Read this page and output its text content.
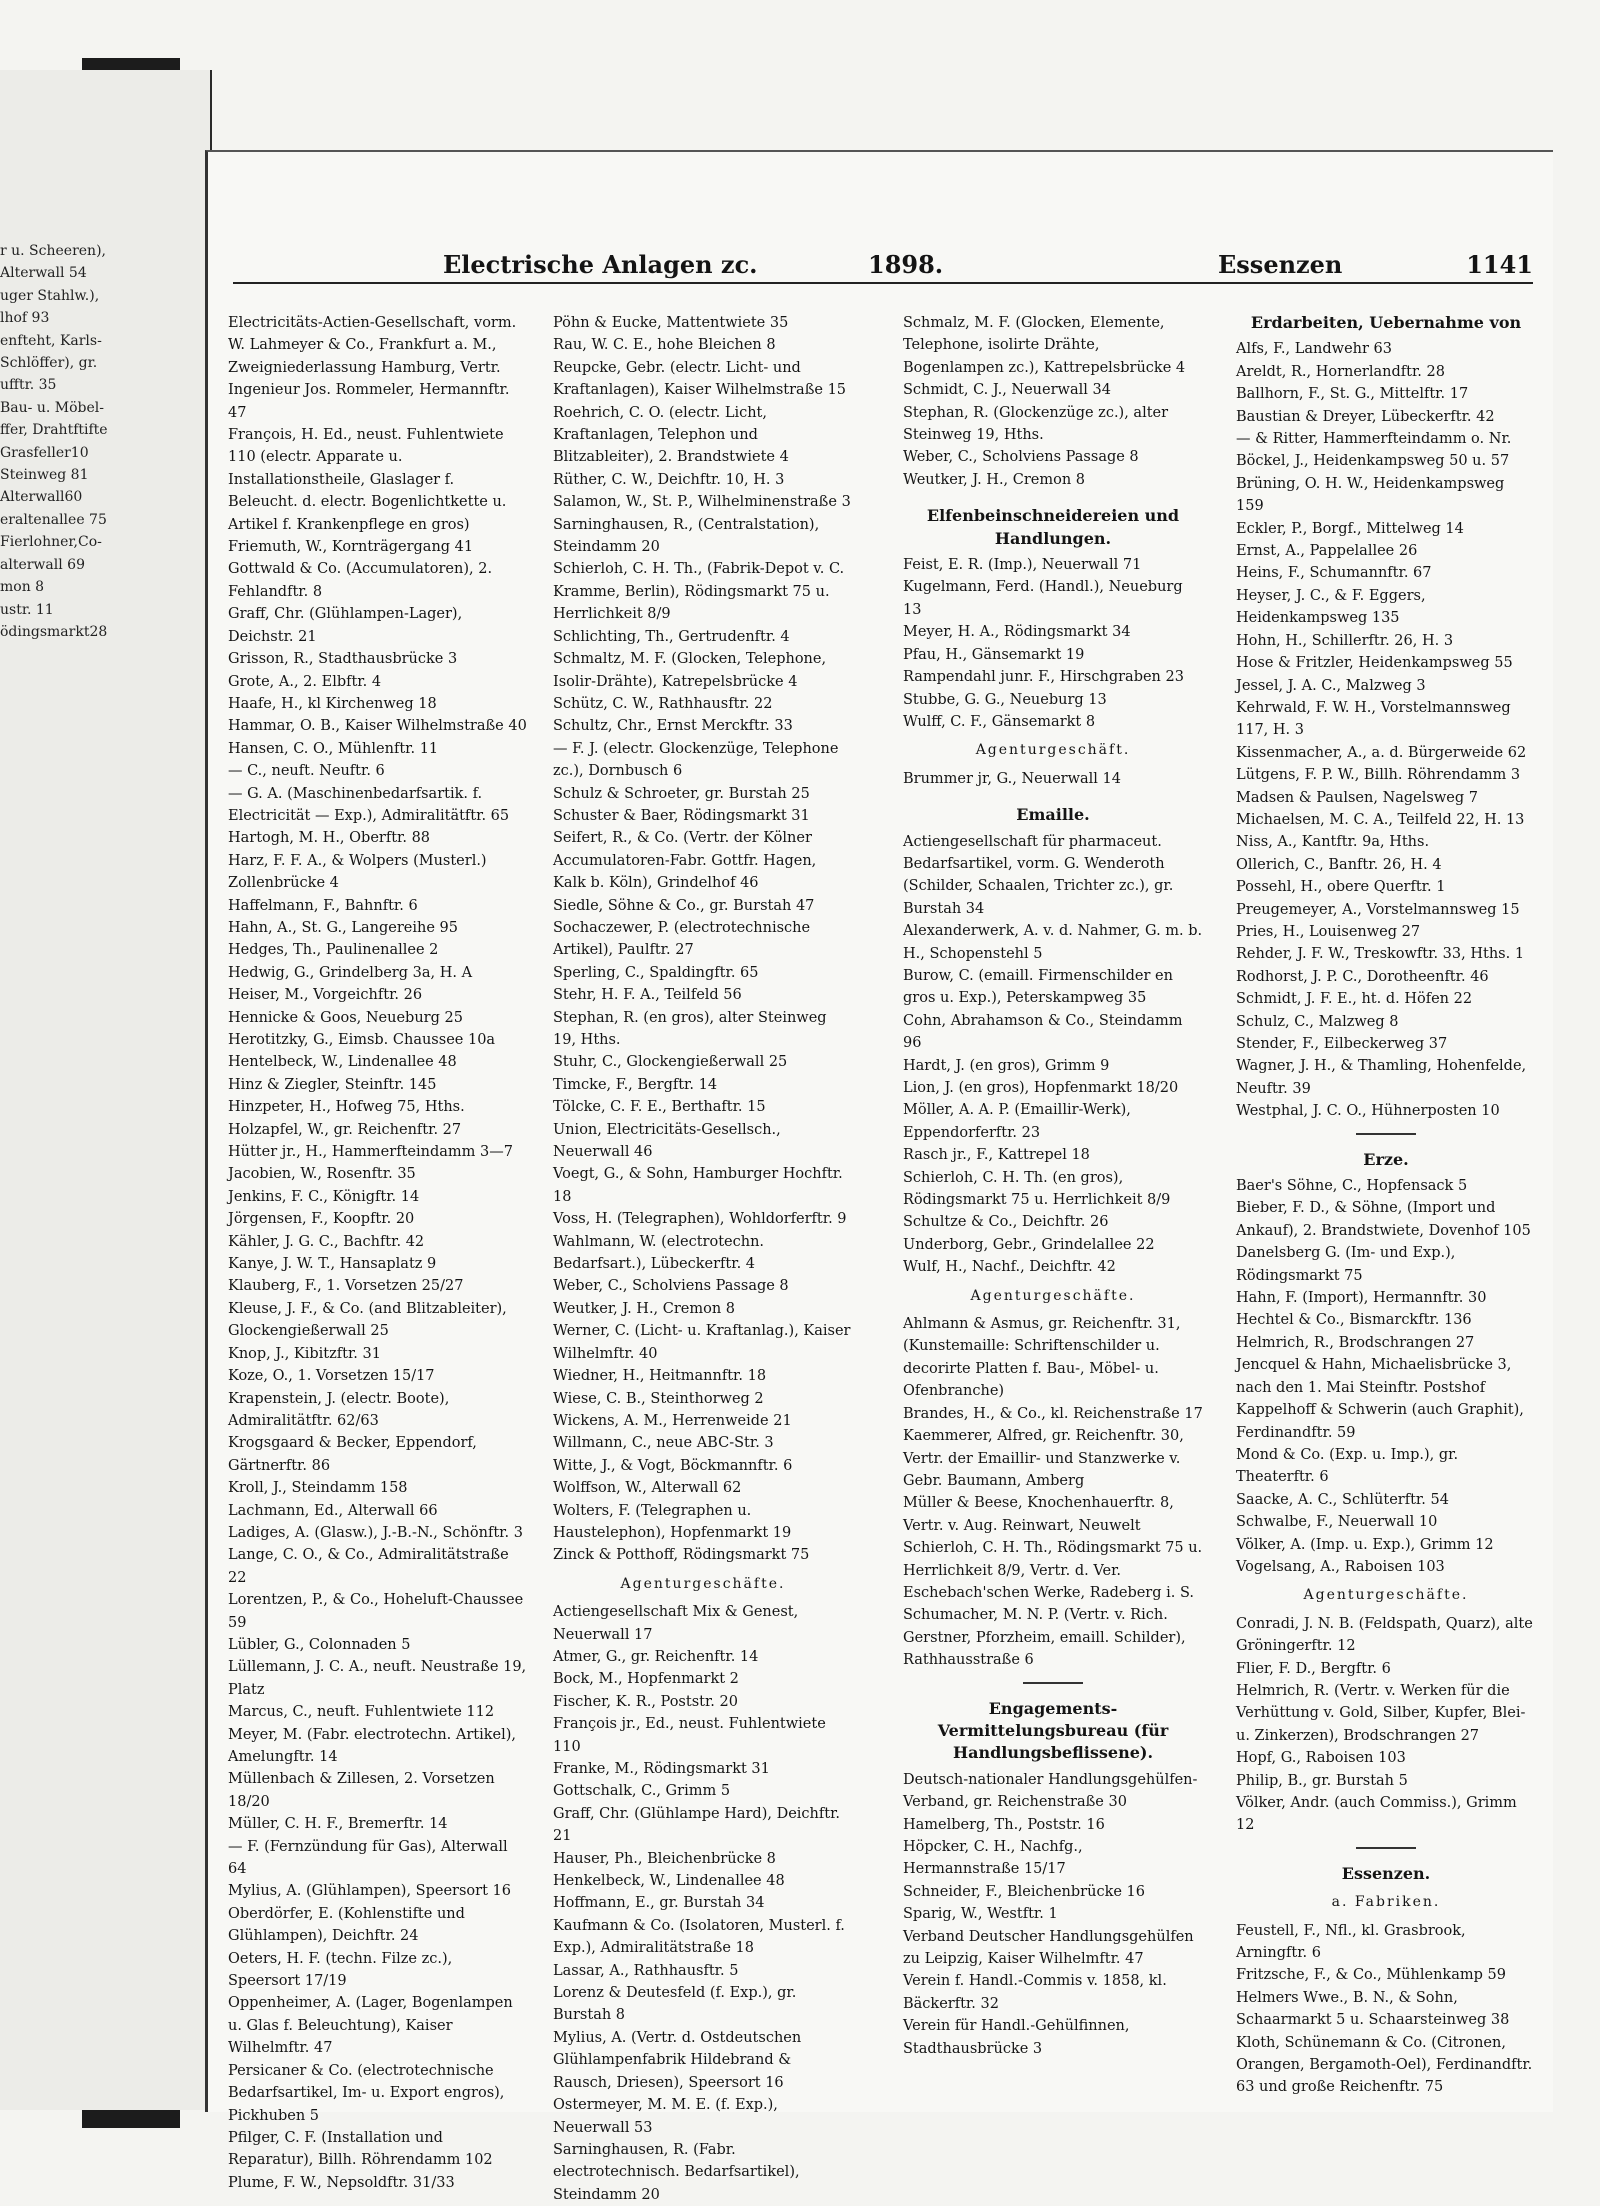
r u. Scheeren),
Alterwall 54
uger Stahlw.),
lhof 93
enfteht, Karls-
Schlöffer), gr.
ufftr. 35
Bau- u. Möbel-
ffer, Drahtftifte
Grasfeller10
Steinweg 81
Alterwall60
eraltenallee 75
Fierlohner,Co-
alterwall 69
mon 8
ustr. 11
ödingsmarkt28
Electrische Anlagen zc.	1898.	Essenzen	1141
Electricitäts-Actien-Gesellschaft, vorm. W. Lahmeyer & Co., Frankfurt a. M., Zweigniederlassung Hamburg, Vertr. Ingenieur Jos. Rommeler, Hermannftr. 47
François, H. Ed., neust. Fuhlentwiete 110 (electr. Apparate u. Installationstheile, Glaslager f. Beleucht. d. electr. Bogenlichtkette u. Artikel f. Krankenpflege en gros)
Friemuth, W., Kornträgergang 41
Gottwald & Co. (Accumulatoren), 2. Fehlandftr. 8
Graff, Chr. (Glühlampen-Lager), Deichstr. 21
Grisson, R., Stadthausbrücke 3
Grote, A., 2. Elbftr. 4
Haafe, H., kl Kirchenweg 18
Hammar, O. B., Kaiser Wilhelmstraße 40
Hansen, C. O., Mühlenftr. 11
— C., neuft. Neuftr. 6
— G. A. (Maschinenbedarfsartik. f. Electricität — Exp.), Admiralitätftr. 65
Hartogh, M. H., Oberftr. 88
Harz, F. F. A., & Wolpers (Musterl.) Zollenbrücke 4
Haffelmann, F., Bahnftr. 6
Hahn, A., St. G., Langereihe 95
Hedges, Th., Paulinenallee 2
Hedwig, G., Grindelberg 3a, H. A
Heiser, M., Vorgeichftr. 26
Hennicke & Goos, Neueburg 25
Herotitzky, G., Eimsb. Chaussee 10a
Hentelbeck, W., Lindenallee 48
Hinz & Ziegler, Steinftr. 145
Hinzpeter, H., Hofweg 75, Hths.
Holzapfel, W., gr. Reichenftr. 27
Hütter jr., H., Hammerfteindamm 3—7
Jacobien, W., Rosenftr. 35
Jenkins, F. C., Königftr. 14
Jörgensen, F., Koopftr. 20
Kähler, J. G. C., Bachftr. 42
Kanye, J. W. T., Hansaplatz 9
Klauberg, F., 1. Vorsetzen 25/27
Kleuse, J. F., & Co. (and Blitzableiter), Glockengießerwall 25
Knop, J., Kibitzftr. 31
Koze, O., 1. Vorsetzen 15/17
Krapenstein, J. (electr. Boote), Admiralitätftr. 62/63
Krogsgaard & Becker, Eppendorf, Gärtnerftr. 86
Kroll, J., Steindamm 158
Lachmann, Ed., Alterwall 66
Ladiges, A. (Glasw.), J.-B.-N., Schönftr. 3
Lange, C. O., & Co., Admiralitätstraße 22
Lorentzen, P., & Co., Hoheluft-Chaussee 59
Lübler, G., Colonnaden 5
Lüllemann, J. C. A., neuft. Neustraße 19, Platz
Marcus, C., neuft. Fuhlentwiete 112
Meyer, M. (Fabr. electrotechn. Artikel), Amelungftr. 14
Müllenbach & Zillesen, 2. Vorsetzen 18/20
Müller, C. H. F., Bremerftr. 14
— F. (Fernzündung für Gas), Alterwall 64
Mylius, A. (Glühlampen), Speersort 16
Oberdörfer, E. (Kohlenstifte und Glühlampen), Deichftr. 24
Oeters, H. F. (techn. Filze zc.), Speersort 17/19
Oppenheimer, A. (Lager, Bogenlampen u. Glas f. Beleuchtung), Kaiser Wilhelmftr. 47
Persicaner & Co. (electrotechnische Bedarfsartikel, Im- u. Export engros), Pickhuben 5
Pfilger, C. F. (Installation und Reparatur), Billh. Röhrendamm 102
Plume, F. W., Nepsoldftr. 31/33
Pöhn & Eucke, Mattentwiete 35
Rau, W. C. E., hohe Bleichen 8
Reupcke, Gebr. (electr. Licht- und Kraftanlagen), Kaiser Wilhelmstraße 15
Roehrich, C. O. (electr. Licht, Kraftanlagen, Telephon und Blitzableiter), 2. Brandstwiete 4
Rüther, C. W., Deichftr. 10, H. 3
Salamon, W., St. P., Wilhelminenstraße 3
Sarninghausen, R., (Centralstation), Steindamm 20
Schierloh, C. H. Th., (Fabrik-Depot v. C. Kramme, Berlin), Rödingsmarkt 75 u. Herrlichkeit 8/9
Schlichting, Th., Gertrudenftr. 4
Schmaltz, M. F. (Glocken, Telephone, Isolir-Drähte), Katrepelsbrücke 4
Schütz, C. W., Rathhausftr. 22
Schultz, Chr., Ernst Merckftr. 33
— F. J. (electr. Glockenzüge, Telephone zc.), Dornbusch 6
Schulz & Schroeter, gr. Burstah 25
Schuster & Baer, Rödingsmarkt 31
Seifert, R., & Co. (Vertr. der Kölner Accumulatoren-Fabr. Gottfr. Hagen, Kalk b. Köln), Grindelhof 46
Siedle, Söhne & Co., gr. Burstah 47
Sochaczewer, P. (electrotechnische Artikel), Paulftr. 27
Sperling, C., Spaldingftr. 65
Stehr, H. F. A., Teilfeld 56
Stephan, R. (en gros), alter Steinweg 19, Hths.
Stuhr, C., Glockengießerwall 25
Timcke, F., Bergftr. 14
Tölcke, C. F. E., Berthaftr. 15
Union, Electricitäts-Gesellsch., Neuerwall 46
Voegt, G., & Sohn, Hamburger Hochftr. 18
Voss, H. (Telegraphen), Wohldorferftr. 9
Wahlmann, W. (electrotechn. Bedarfsart.), Lübeckerftr. 4
Weber, C., Scholviens Passage 8
Weutker, J. H., Cremon 8
Werner, C. (Licht- u. Kraftanlag.), Kaiser Wilhelmftr. 40
Wiedner, H., Heitmannftr. 18
Wiese, C. B., Steinthorweg 2
Wickens, A. M., Herrenweide 21
Willmann, C., neue ABC-Str. 3
Witte, J., & Vogt, Böckmannftr. 6
Wolffson, W., Alterwall 62
Wolters, F. (Telegraphen u. Haustelephon), Hopfenmarkt 19
Zinck & Potthoff, Rödingsmarkt 75
Agenturgeschäfte.
Actiengesellschaft Mix & Genest, Neuerwall 17
Atmer, G., gr. Reichenftr. 14
Bock, M., Hopfenmarkt 2
Fischer, K. R., Poststr. 20
François jr., Ed., neust. Fuhlentwiete 110
Franke, M., Rödingsmarkt 31
Gottschalk, C., Grimm 5
Graff, Chr. (Glühlampe Hard), Deichftr. 21
Hauser, Ph., Bleichenbrücke 8
Henkelbeck, W., Lindenallee 48
Hoffmann, E., gr. Burstah 34
Kaufmann & Co. (Isolatoren, Musterl. f. Exp.), Admiralitätstraße 18
Lassar, A., Rathhausftr. 5
Lorenz & Deutesfeld (f. Exp.), gr. Burstah 8
Mylius, A. (Vertr. d. Ostdeutschen Glühlampenfabrik Hildebrand & Rausch, Driesen), Speersort 16
Ostermeyer, M. M. E. (f. Exp.), Neuerwall 53
Sarninghausen, R. (Fabr. electrotechnisch. Bedarfsartikel), Steindamm 20
Schmalz, M. F. (Glocken, Elemente, Telephone, isolirte Drähte, Bogenlampen zc.), Kattrepelsbrücke 4
Schmidt, C. J., Neuerwall 34
Stephan, R. (Glockenzüge zc.), alter Steinweg 19, Hths.
Weber, C., Scholviens Passage 8
Weutker, J. H., Cremon 8
Elfenbeinschneidereien und Handlungen.
Feist, E. R. (Imp.), Neuerwall 71
Kugelmann, Ferd. (Handl.), Neueburg 13
Meyer, H. A., Rödingsmarkt 34
Pfau, H., Gänsemarkt 19
Rampendahl junr. F., Hirschgraben 23
Stubbe, G. G., Neueburg 13
Wulff, C. F., Gänsemarkt 8
Agenturgeschäft.
Brummer jr, G., Neuerwall 14
Emaille.
Actiengesellschaft für pharmaceut. Bedarfsartikel, vorm. G. Wenderoth (Schilder, Schaalen, Trichter zc.), gr. Burstah 34
Alexanderwerk, A. v. d. Nahmer, G. m. b. H., Schopenstehl 5
Burow, C. (emaill. Firmenschilder en gros u. Exp.), Peterskampweg 35
Cohn, Abrahamson & Co., Steindamm 96
Hardt, J. (en gros), Grimm 9
Lion, J. (en gros), Hopfenmarkt 18/20
Möller, A. A. P. (Emaillir-Werk), Eppendorferftr. 23
Rasch jr., F., Kattrepel 18
Schierloh, C. H. Th. (en gros), Rödingsmarkt 75 u. Herrlichkeit 8/9
Schultze & Co., Deichftr. 26
Underborg, Gebr., Grindelallee 22
Wulf, H., Nachf., Deichftr. 42
Agenturgeschäfte.
Ahlmann & Asmus, gr. Reichenftr. 31, (Kunstemaille: Schriftenschilder u. decorirte Platten f. Bau-, Möbel- u. Ofenbranche)
Brandes, H., & Co., kl. Reichenstraße 17
Kaemmerer, Alfred, gr. Reichenftr. 30, Vertr. der Emaillir- und Stanzwerke v. Gebr. Baumann, Amberg
Müller & Beese, Knochenhauerftr. 8, Vertr. v. Aug. Reinwart, Neuwelt
Schierloh, C. H. Th., Rödingsmarkt 75 u. Herrlichkeit 8/9, Vertr. d. Ver. Eschebach'schen Werke, Radeberg i. S.
Schumacher, M. N. P. (Vertr. v. Rich. Gerstner, Pforzheim, emaill. Schilder), Rathhausstraße 6
Engagements-Vermittelungsbureau (für Handlungsbeflissene).
Deutsch-nationaler Handlungsgehülfen-Verband, gr. Reichenstraße 30
Hamelberg, Th., Poststr. 16
Höpcker, C. H., Nachfg., Hermannstraße 15/17
Schneider, F., Bleichenbrücke 16
Sparig, W., Westftr. 1
Verband Deutscher Handlungsgehülfen zu Leipzig, Kaiser Wilhelmftr. 47
Verein f. Handl.-Commis v. 1858, kl. Bäckerftr. 32
Verein für Handl.-Gehülfinnen, Stadthausbrücke 3
Erdarbeiten, Uebernahme von
Alfs, F., Landwehr 63
Areldt, R., Hornerlandftr. 28
Ballhorn, F., St. G., Mittelftr. 17
Baustian & Dreyer, Lübeckerftr. 42
— & Ritter, Hammerfteindamm o. Nr.
Böckel, J., Heidenkampsweg 50 u. 57
Brüning, O. H. W., Heidenkampsweg 159
Eckler, P., Borgf., Mittelweg 14
Ernst, A., Pappelallee 26
Heins, F., Schumannftr. 67
Heyser, J. C., & F. Eggers, Heidenkampsweg 135
Hohn, H., Schillerftr. 26, H. 3
Hose & Fritzler, Heidenkampsweg 55
Jessel, J. A. C., Malzweg 3
Kehrwald, F. W. H., Vorstelmannsweg 117, H. 3
Kissenmacher, A., a. d. Bürgerweide 62
Lütgens, F. P. W., Billh. Röhrendamm 3
Madsen & Paulsen, Nagelsweg 7
Michaelsen, M. C. A., Teilfeld 22, H. 13
Niss, A., Kantftr. 9a, Hths.
Ollerich, C., Banftr. 26, H. 4
Possehl, H., obere Querftr. 1
Preugemeyer, A., Vorstelmannsweg 15
Pries, H., Louisenweg 27
Rehder, J. F. W., Treskowftr. 33, Hths. 1
Rodhorst, J. P. C., Dorotheenftr. 46
Schmidt, J. F. E., ht. d. Höfen 22
Schulz, C., Malzweg 8
Stender, F., Eilbeckerweg 37
Wagner, J. H., & Thamling, Hohenfelde, Neuftr. 39
Westphal, J. C. O., Hühnerposten 10
Erze.
Baer's Söhne, C., Hopfensack 5
Bieber, F. D., & Söhne, (Import und Ankauf), 2. Brandstwiete, Dovenhof 105
Danelsberg G. (Im- und Exp.), Rödingsmarkt 75
Hahn, F. (Import), Hermannftr. 30
Hechtel & Co., Bismarckftr. 136
Helmrich, R., Brodschrangen 27
Jencquel & Hahn, Michaelisbrücke 3, nach den 1. Mai Steinftr. Postshof
Kappelhoff & Schwerin (auch Graphit), Ferdinandftr. 59
Mond & Co. (Exp. u. Imp.), gr. Theaterftr. 6
Saacke, A. C., Schlüterftr. 54
Schwalbe, F., Neuerwall 10
Völker, A. (Imp. u. Exp.), Grimm 12
Vogelsang, A., Raboisen 103
Agenturgeschäfte.
Conradi, J. N. B. (Feldspath, Quarz), alte Gröningerftr. 12
Flier, F. D., Bergftr. 6
Helmrich, R. (Vertr. v. Werken für die Verhüttung v. Gold, Silber, Kupfer, Blei- u. Zinkerzen), Brodschrangen 27
Hopf, G., Raboisen 103
Philip, B., gr. Burstah 5
Völker, Andr. (auch Commiss.), Grimm 12
Essenzen.
a. Fabriken.
Feustell, F., Nfl., kl. Grasbrook, Arningftr. 6
Fritzsche, F., & Co., Mühlenkamp 59
Helmers Wwe., B. N., & Sohn, Schaarmarkt 5 u. Schaarsteinweg 38
Kloth, Schünemann & Co. (Citronen, Orangen, Bergamoth-Oel), Ferdinandftr. 63 und große Reichenftr. 75
